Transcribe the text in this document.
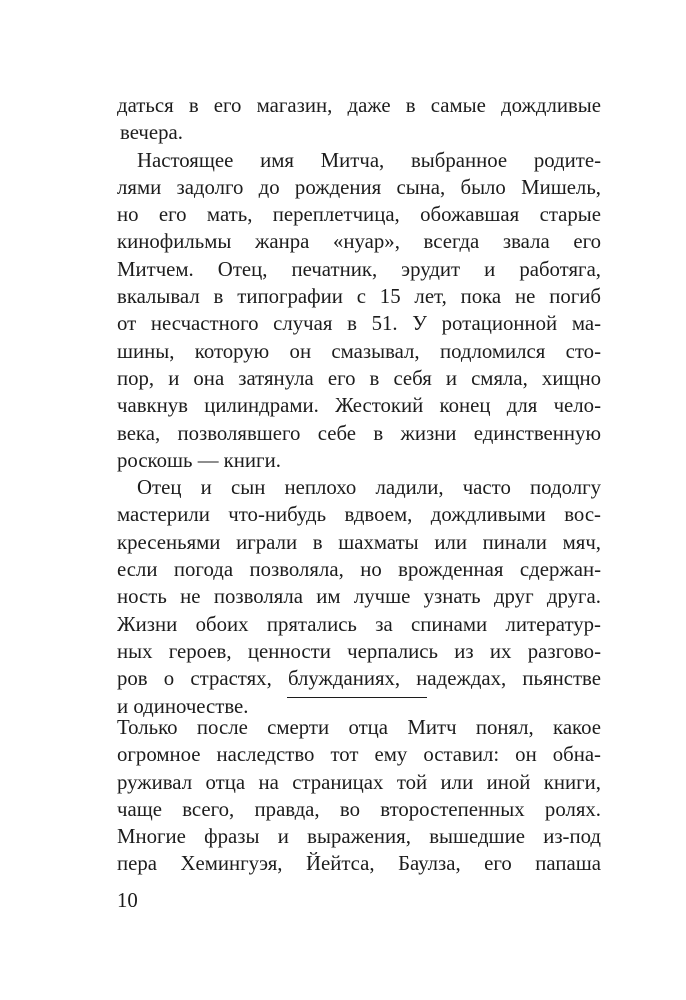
даться в его магазин, даже в самые дождливые
вечера.

Настоящее имя Митча, выбранное родите-
лями задолго до рождения сына, было Мишель,
но его мать, переплетчица, обожавшая старые
кинофильмы жанра «нуар», всегда звала его
Митчем. Отец, печатник, эрудит и работяга,
вкалывал в типографии с 15 лет, пока не погиб
от несчастного случая в 51. У ротационной ма-
шины, которую он смазывал, подломился сто-
пор, и она затянула его в себя и смяла, хищно
чавкнув цилиндрами. Жестокий конец для чело-
века, позволявшего себе в жизни единственную
роскошь — книги.

Отец и сын неплохо ладили, часто подолгу
мастерили что-нибудь вдвоем, дождливыми вос-
кресеньями играли в шахматы или пинали мяч,
если погода позволяла, но врожденная сдержан-
ность не позволяла им лучше узнать друг друга.
Жизни обоих прятались за спинами литератур-
ных героев, ценности черпались из их разгово-
ров о страстях, блужданиях, надеждах, пьянстве
и одиночестве.

Только после смерти отца Митч понял, какое
огромное наследство тот ему оставил: он обна-
руживал отца на страницах той или иной книги,
чаще всего, правда, во второстепенных ролях.
Многие фразы и выражения, вышедшие из-под
пера Хемингуэя, Йейтса, Баулза, его папаша

10
